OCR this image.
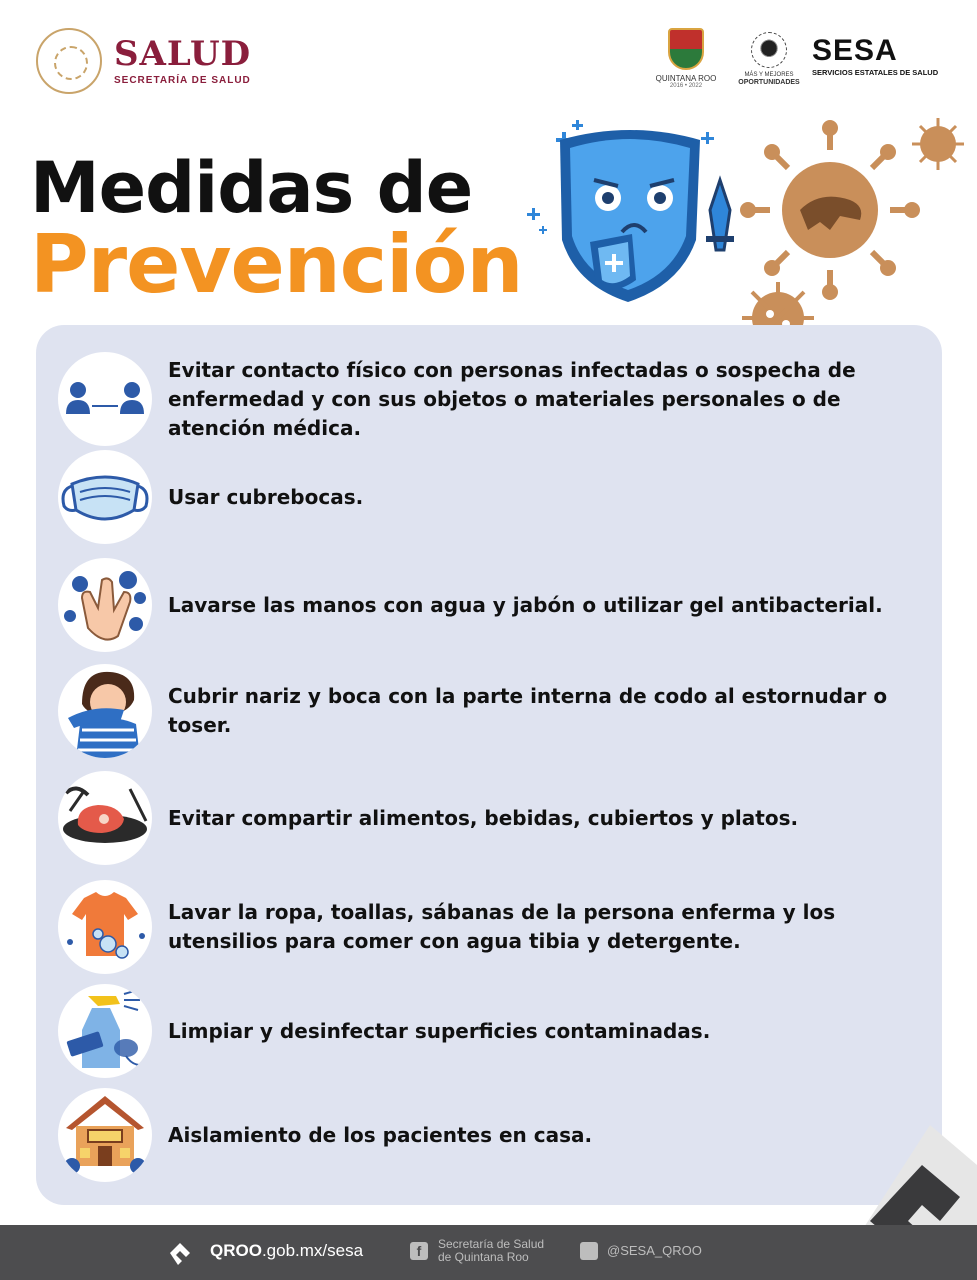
SALUD
SECRETARÍA DE SALUD	QUINTANA ROO
2016 • 2022
MÁS Y MEJORES
OPORTUNIDADES
SESA
SERVICIOS ESTATALES DE SALUD
Medidas de
Prevención
Evitar contacto físico con personas infectadas o sospecha de enfermedad y con sus objetos o materiales personales o de atención médica.
Usar cubrebocas.
Lavarse las manos con agua y jabón o utilizar gel antibacterial.
Cubrir nariz y boca con la parte interna de codo al estornudar o toser.
Evitar compartir alimentos, bebidas, cubiertos y platos.
Lavar la ropa, toallas, sábanas de la persona enferma y los utensilios para comer con agua tibia y detergente.
Limpiar y desinfectar superficies contaminadas.
Aislamiento de los pacientes en casa.
QROO.gob.mx/sesa	f	Secretaría de Salud
de Quintana Roo	@SESA_QROO
